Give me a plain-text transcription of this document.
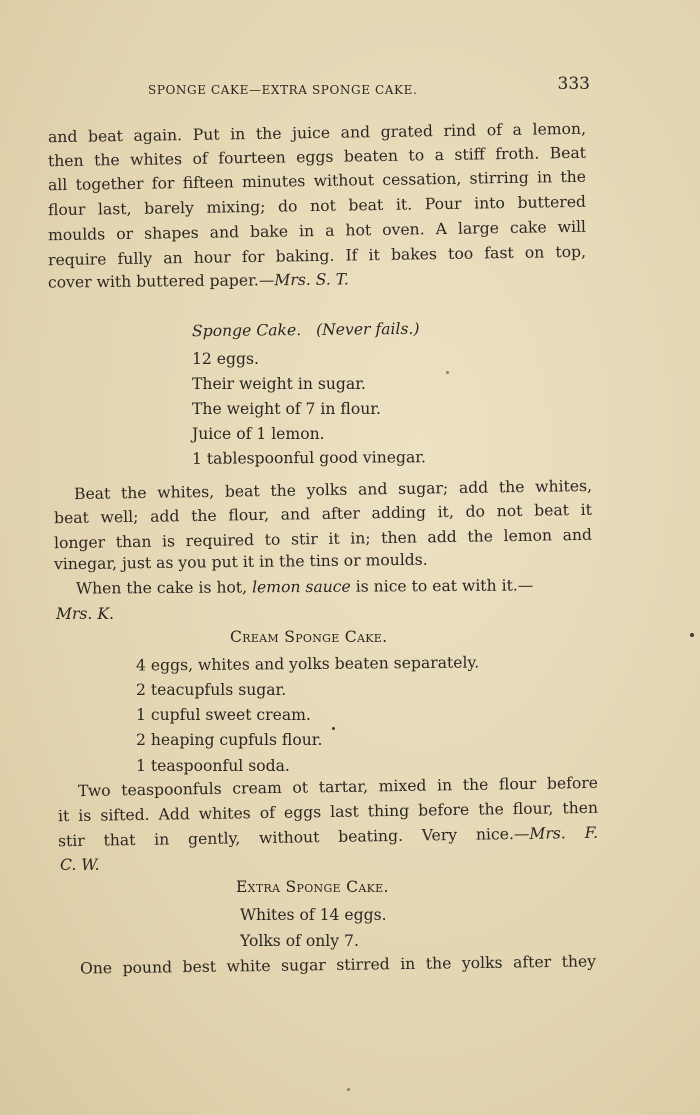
SPONGE CAKE—EXTRA SPONGE CAKE.	333
and beat again. Put in the juice and grated rind of a lemon,
then the whites of fourteen eggs beaten to a stiff froth. Beat
all together for fifteen minutes without cessation, stirring in the
flour last, barely mixing; do not beat it. Pour into buttered
moulds or shapes and bake in a hot oven. A large cake will
require fully an hour for baking. If it bakes too fast on top,
cover with buttered paper.—Mrs. S. T.
Sponge Cake. (Never fails.)
12 eggs.
Their weight in sugar.
The weight of 7 in flour.
Juice of 1 lemon.
1 tablespoonful good vinegar.
Beat the whites, beat the yolks and sugar; add the whites,
beat well; add the flour, and after adding it, do not beat it
longer than is required to stir it in; then add the lemon and
vinegar, just as you put it in the tins or moulds.
When the cake is hot, lemon sauce is nice to eat with it.—
Mrs. K.
Cream Sponge Cake.
4 eggs, whites and yolks beaten separately.
2 teacupfuls sugar.
1 cupful sweet cream.
2 heaping cupfuls flour.
1 teaspoonful soda.
Two teaspoonfuls cream ot tartar, mixed in the flour before
it is sifted. Add whites of eggs last thing before the flour, then
stir that in gently, without beating. Very nice.—Mrs. F.
C. W.
Extra Sponge Cake.
Whites of 14 eggs.
Yolks of only 7.
One pound best white sugar stirred in the yolks after they
